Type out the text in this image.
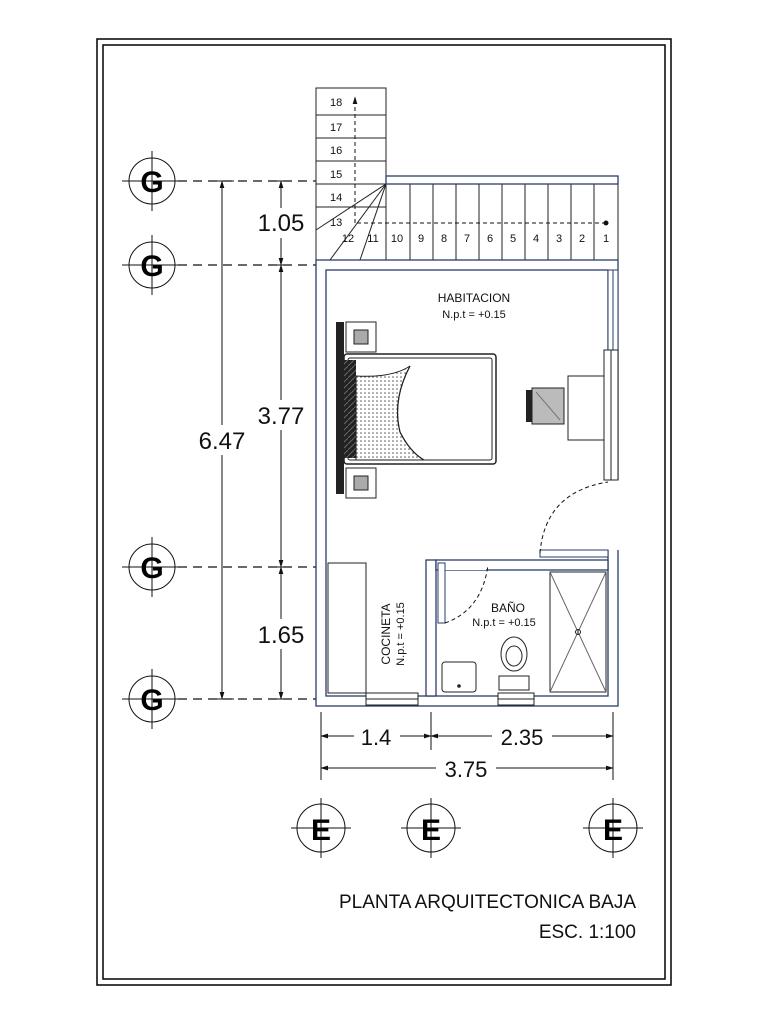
G
G
G
G
6.47
1.05
3.77
1.65
1
2
3
4
5
6
7
8
9
10
11
12
13
14
15
16
17
18
HABITACION
N.p.t = +0.15
BAÑO
N.p.t = +0.15
COCINETA N.p.t = +0.15
1.4	2.35
3.75
E	E	E
PLANTA ARQUITECTONICA BAJA
ESC. 1:100
